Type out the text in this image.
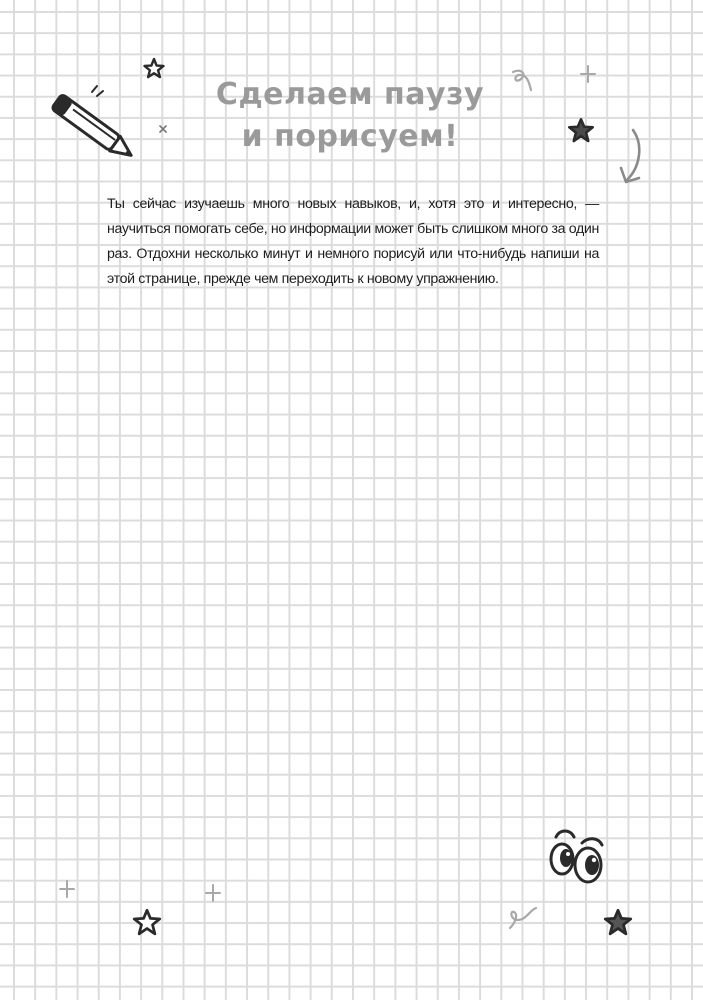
Сделаем паузу
и порисуем!

Ты сейчас изучаешь много новых навыков, и, хотя это и интересно, — научиться помогать себе, но информации может быть слишком много за один раз. Отдохни несколько минут и немного порисуй или что-нибудь напиши на этой странице, прежде чем переходить к новому упражнению.
